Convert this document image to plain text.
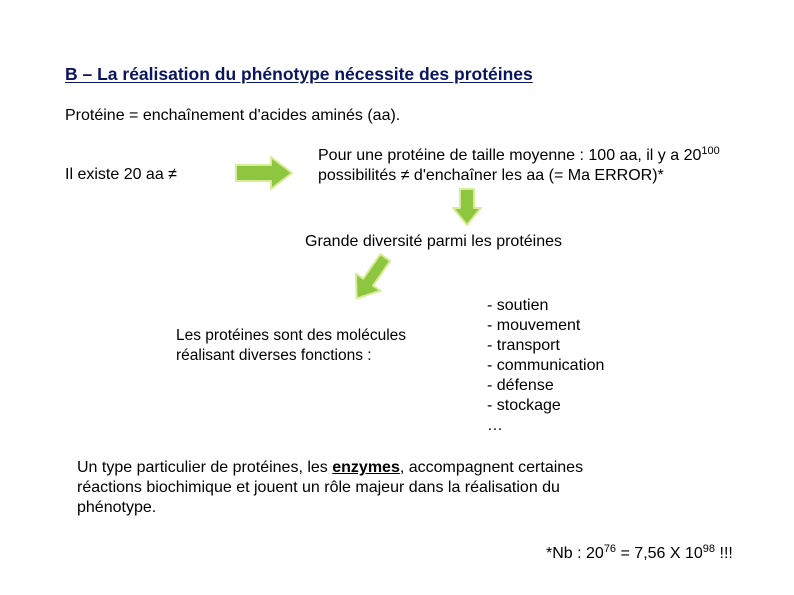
B – La réalisation du phénotype nécessite des protéines
Protéine = enchaînement d'acides aminés (aa).
Il existe 20 aa ≠
Pour une protéine de taille moyenne : 100 aa, il y a $20^{100}$
possibilités ≠ d'enchaîner les aa (= Ma ERROR)*
Grande diversité parmi les protéines
Les protéines sont des molécules
réalisant diverses fonctions :
- soutien
- mouvement
- transport
- communication
- défense
- stockage
…
Un type particulier de protéines, les enzymes, accompagnent certaines
réactions biochimique et jouent un rôle majeur dans la réalisation du
phénotype.
*Nb : $20^{76} = 7,56$ X $10^{98}$ !!!
